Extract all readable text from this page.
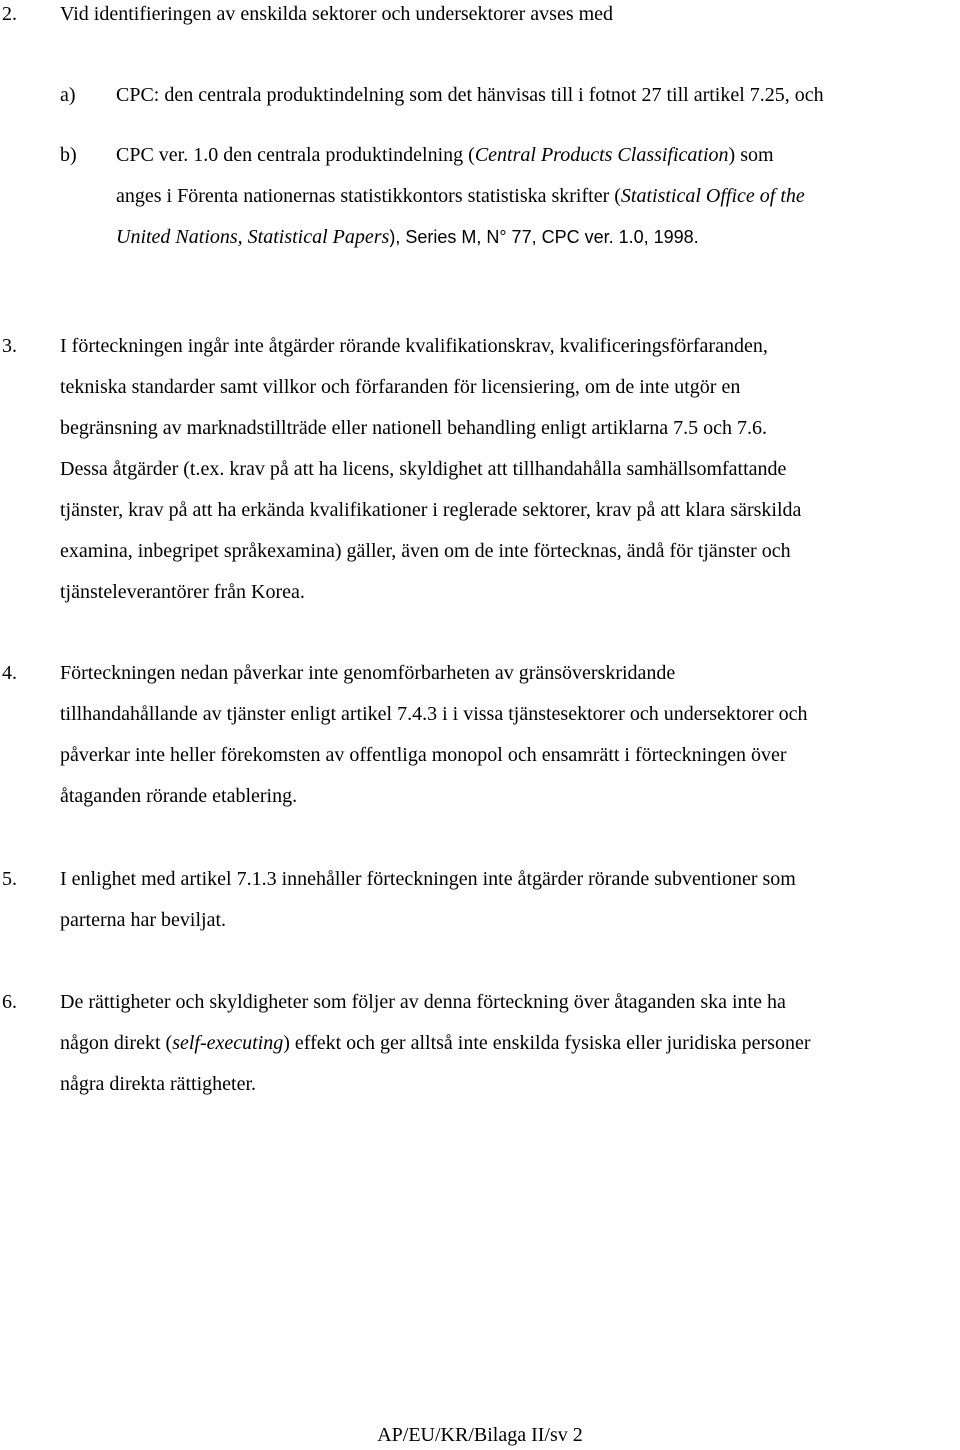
2. Vid identifieringen av enskilda sektorer och undersektorer avses med
a) CPC: den centrala produktindelning som det hänvisas till i fotnot 27 till artikel 7.25, och
b) CPC ver. 1.0 den centrala produktindelning (Central Products Classification) som
anges i Förenta nationernas statistikkontors statistiska skrifter (Statistical Office of the
United Nations, Statistical Papers), Series M, N° 77, CPC ver. 1.0, 1998.
3. I förteckningen ingår inte åtgärder rörande kvalifikationskrav, kvalificeringsförfaranden,
tekniska standarder samt villkor och förfaranden för licensiering, om de inte utgör en
begränsning av marknadstillträde eller nationell behandling enligt artiklarna 7.5 och 7.6.
Dessa åtgärder (t.ex. krav på att ha licens, skyldighet att tillhandahålla samhällsomfattande
tjänster, krav på att ha erkända kvalifikationer i reglerade sektorer, krav på att klara särskilda
examina, inbegripet språkexamina) gäller, även om de inte förtecknas, ändå för tjänster och
tjänsteleverantörer från Korea.
4. Förteckningen nedan påverkar inte genomförbarheten av gränsöverskridande
tillhandahållande av tjänster enligt artikel 7.4.3 i i vissa tjänstesektorer och undersektorer och
påverkar inte heller förekomsten av offentliga monopol och ensamrätt i förteckningen över
åtaganden rörande etablering.
5. I enlighet med artikel 7.1.3 innehåller förteckningen inte åtgärder rörande subventioner som
parterna har beviljat.
6. De rättigheter och skyldigheter som följer av denna förteckning över åtaganden ska inte ha
någon direkt (self-executing) effekt och ger alltså inte enskilda fysiska eller juridiska personer
några direkta rättigheter.
AP/EU/KR/Bilaga II/sv 2
